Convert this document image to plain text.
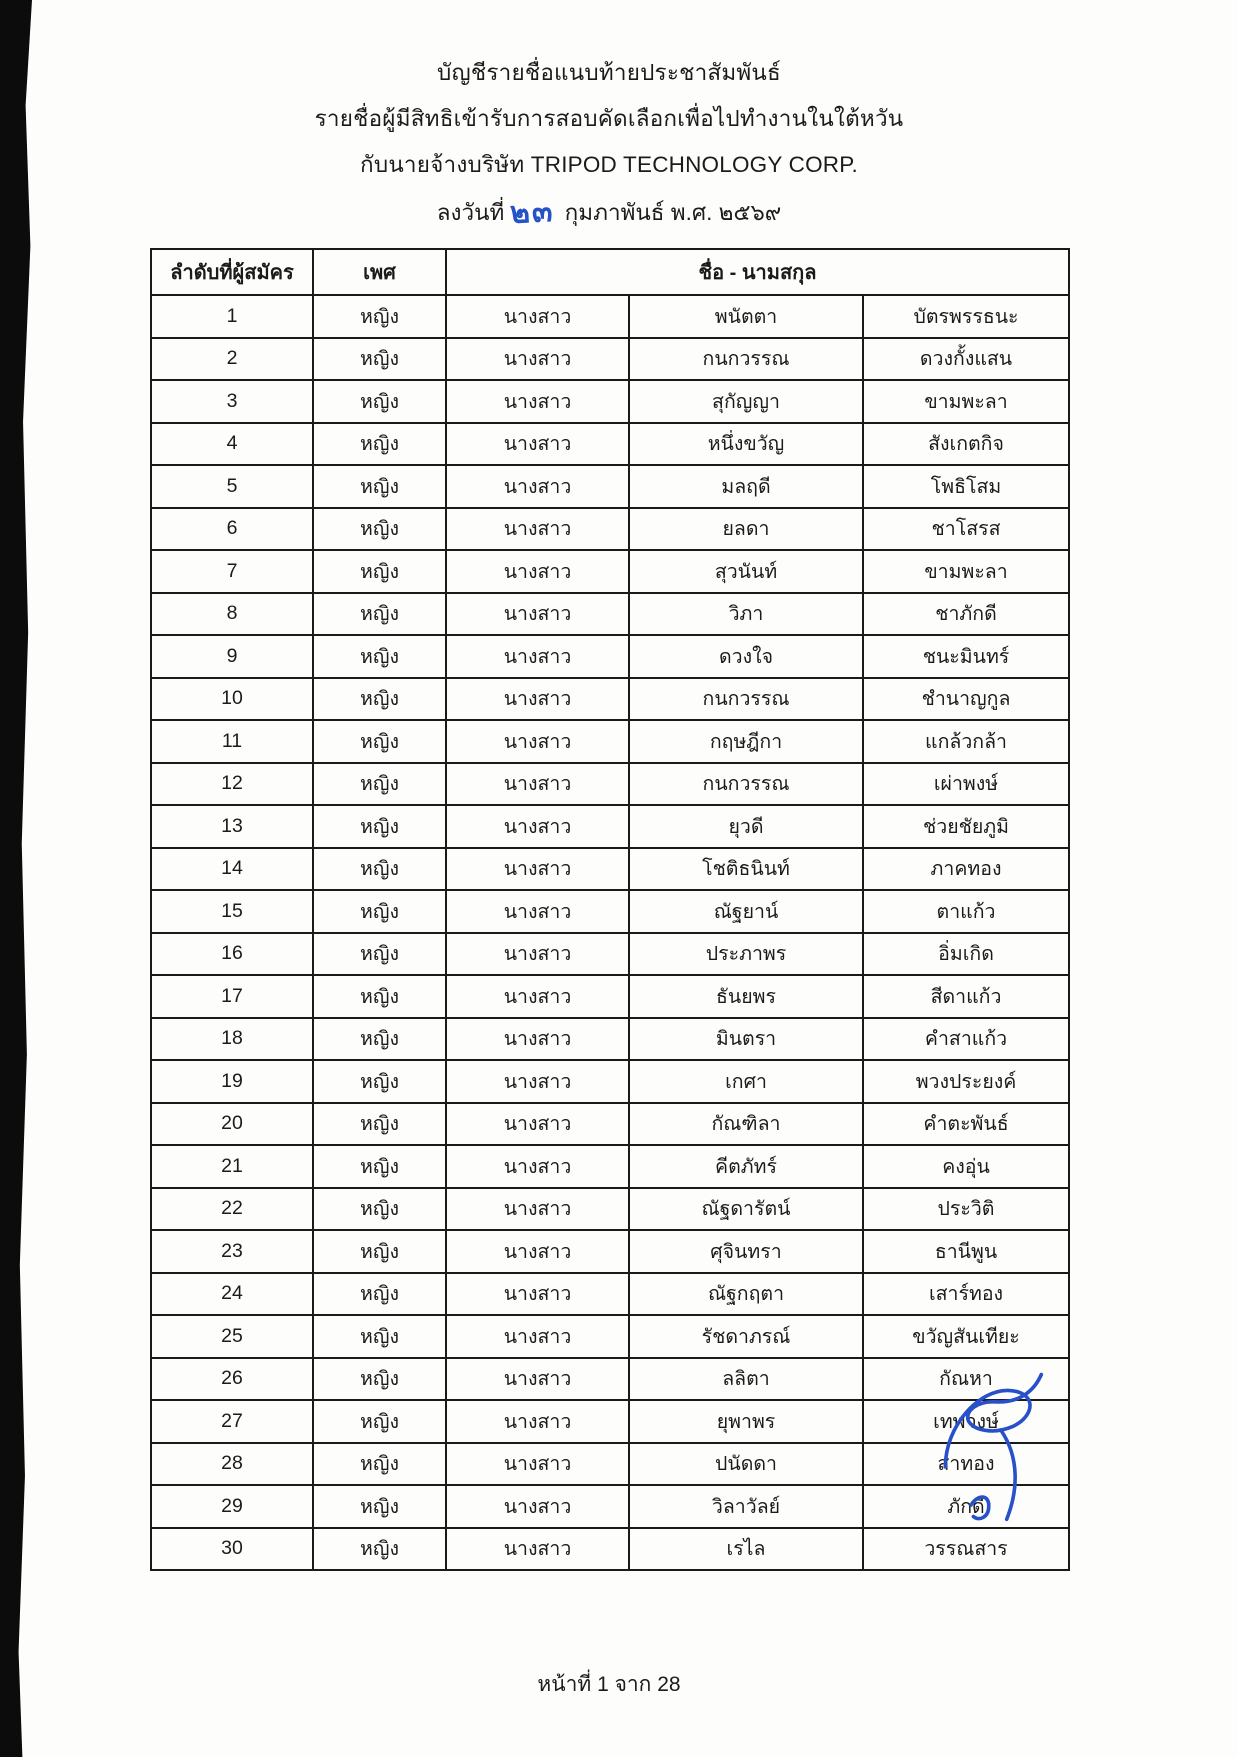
บัญชีรายชื่อแนบท้ายประชาสัมพันธ์
รายชื่อผู้มีสิทธิเข้ารับการสอบคัดเลือกเพื่อไปทำงานในใต้หวัน
กับนายจ้างบริษัท TRIPOD TECHNOLOGY CORP.
ลงวันที่ ๒๓ กุมภาพันธ์ พ.ศ. ๒๕๖๙
ลำดับที่ผู้สมัคร	เพศ	ชื่อ - นามสกุล		
1	หญิง	นางสาว	พนัตตา	บัตรพรรธนะ
2	หญิง	นางสาว	กนกวรรณ	ดวงกั้งแสน
3	หญิง	นางสาว	สุกัญญา	ขามพะลา
4	หญิง	นางสาว	หนึ่งขวัญ	สังเกตกิจ
5	หญิง	นางสาว	มลฤดี	โพธิโสม
6	หญิง	นางสาว	ยลดา	ชาโสรส
7	หญิง	นางสาว	สุวนันท์	ขามพะลา
8	หญิง	นางสาว	วิภา	ชาภักดี
9	หญิง	นางสาว	ดวงใจ	ชนะมินทร์
10	หญิง	นางสาว	กนกวรรณ	ชำนาญกูล
11	หญิง	นางสาว	กฤษฎีกา	แกล้วกล้า
12	หญิง	นางสาว	กนกวรรณ	เผ่าพงษ์
13	หญิง	นางสาว	ยุวดี	ช่วยชัยภูมิ
14	หญิง	นางสาว	โชติธนินท์	ภาคทอง
15	หญิง	นางสาว	ณัฐยาน์	ตาแก้ว
16	หญิง	นางสาว	ประภาพร	อิ่มเกิด
17	หญิง	นางสาว	ธันยพร	สีดาแก้ว
18	หญิง	นางสาว	มินตรา	คำสาแก้ว
19	หญิง	นางสาว	เกศา	พวงประยงค์
20	หญิง	นางสาว	กัณฑิลา	คำตะพันธ์
21	หญิง	นางสาว	คีตภัทร์	คงอุ่น
22	หญิง	นางสาว	ณัฐดารัตน์	ประวิติ
23	หญิง	นางสาว	ศุจินทรา	ธานีพูน
24	หญิง	นางสาว	ณัฐกฤตา	เสาร์ทอง
25	หญิง	นางสาว	รัชดาภรณ์	ขวัญสันเทียะ
26	หญิง	นางสาว	ลลิตา	กัณหา
27	หญิง	นางสาว	ยุพาพร	เทพวงษ์
28	หญิง	นางสาว	ปนัดดา	สาทอง
29	หญิง	นางสาว	วิลาวัลย์	ภักดี
30	หญิง	นางสาว	เรไล	วรรณสาร
หน้าที่ 1 จาก 28
